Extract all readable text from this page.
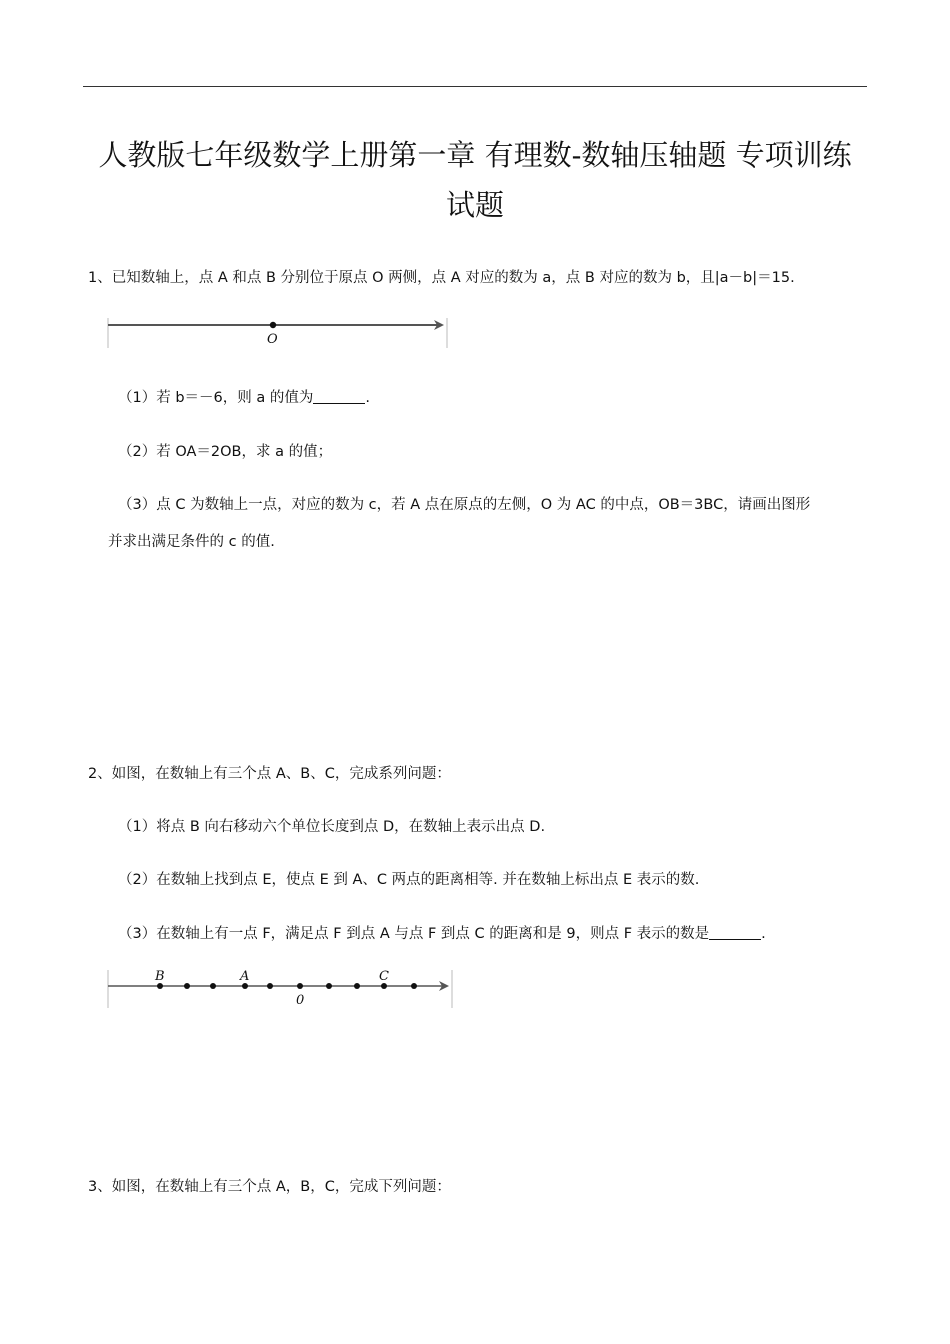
人教版七年级数学上册第一章 有理数-数轴压轴题 专项训练
试题
1、已知数轴上，点 A 和点 B 分别位于原点 O 两侧，点 A 对应的数为 a，点 B 对应的数为 b，且|a－b|＝15.
O
（1）若 b＝－6，则 a 的值为	.
（2）若 OA＝2OB，求 a 的值；
（3）点 C 为数轴上一点，对应的数为 c，若 A 点在原点的左侧，O 为 AC 的中点，OB＝3BC，请画出图形
并求出满足条件的 c 的值.
2、如图，在数轴上有三个点 A、B、C，完成系列问题：
（1）将点 B 向右移动六个单位长度到点 D，在数轴上表示出点 D.
（2）在数轴上找到点 E，使点 E 到 A、C 两点的距离相等. 并在数轴上标出点 E 表示的数.
（3）在数轴上有一点 F，满足点 F 到点 A 与点 F 到点 C 的距离和是 9，则点 F 表示的数是	.
B	A	C
0
3、如图，在数轴上有三个点 A，B，C，完成下列问题：
